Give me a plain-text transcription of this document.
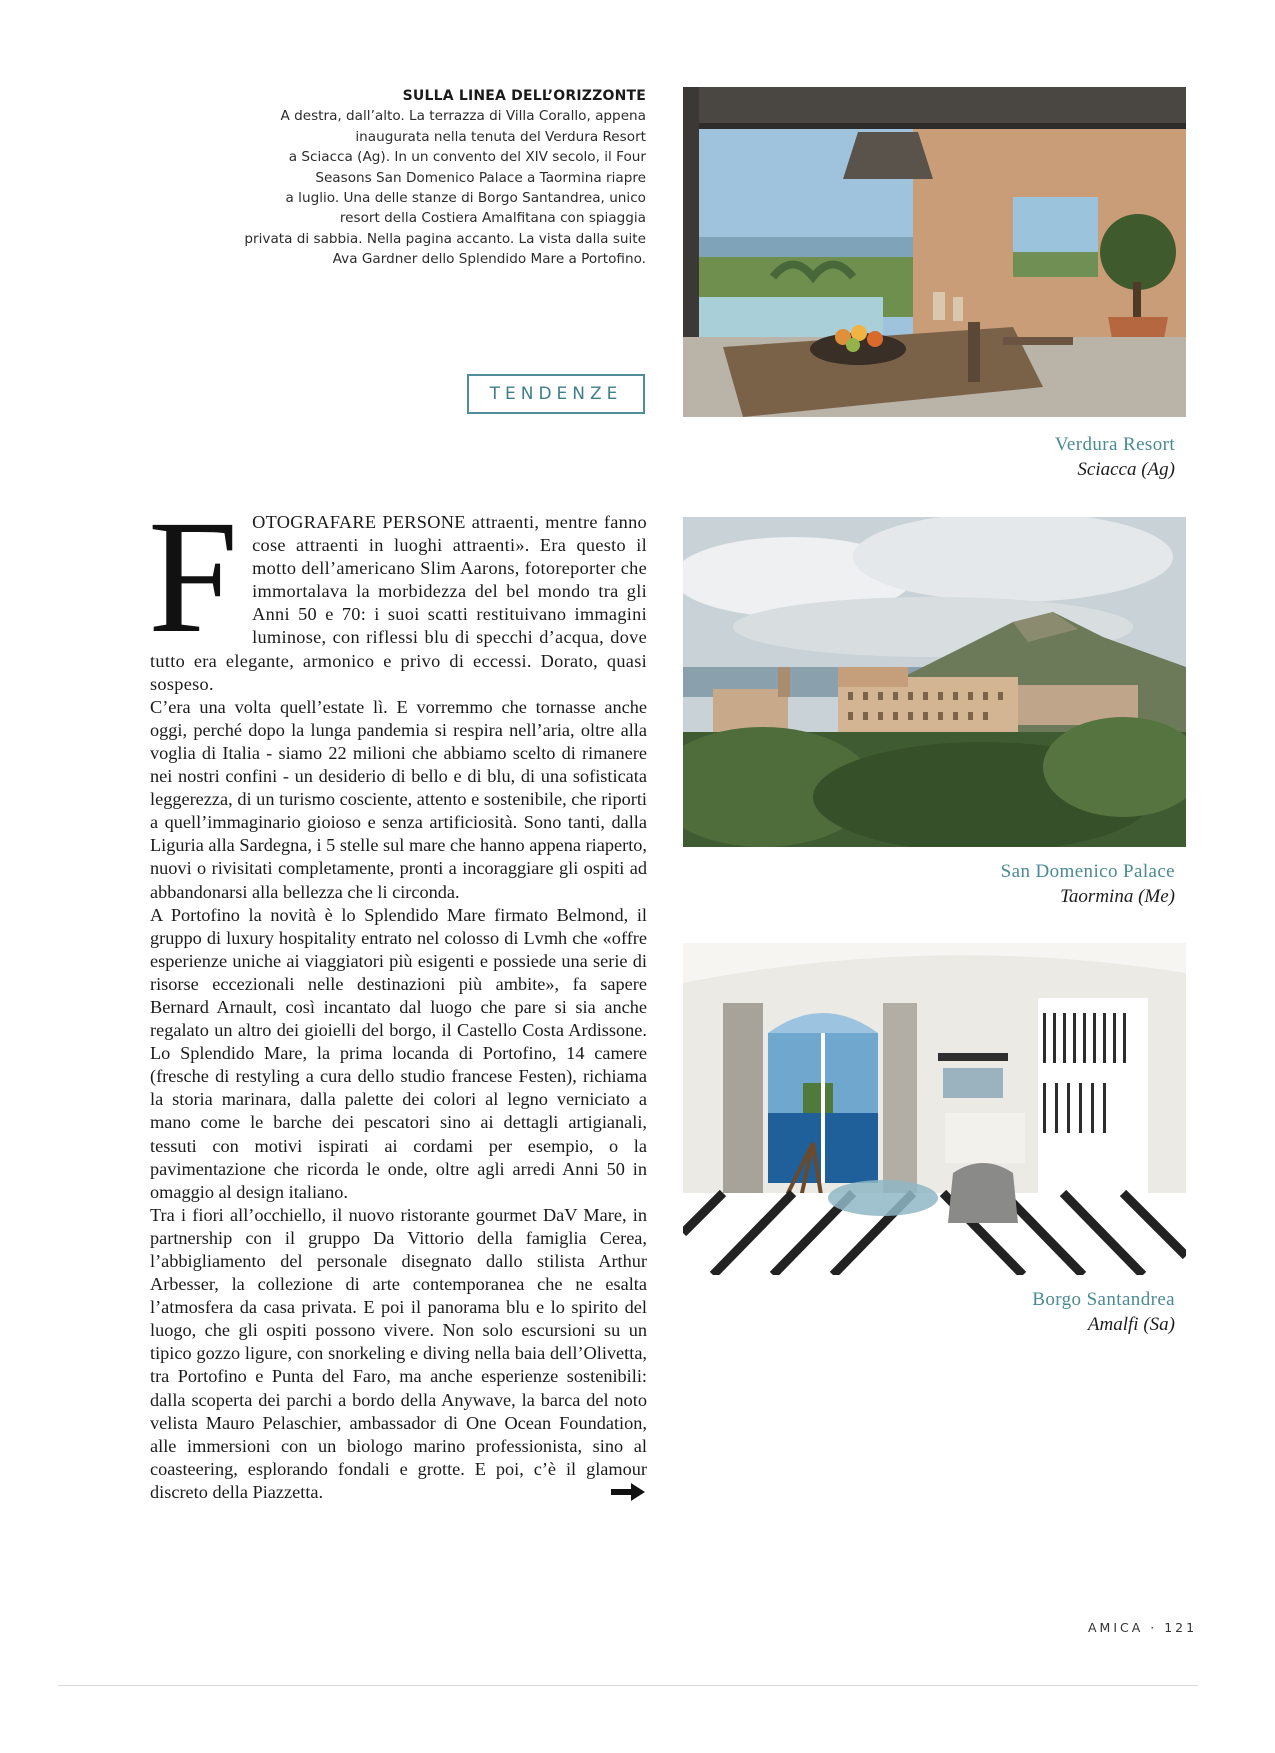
SULLA LINEA DELL’ORIZZONTE
A destra, dall’alto. La terrazza di Villa Corallo, appena
inaugurata nella tenuta del Verdura Resort
a Sciacca (Ag). In un convento del XIV secolo, il Four
Seasons San Domenico Palace a Taormina riapre
a luglio. Una delle stanze di Borgo Santandrea, unico
resort della Costiera Amalfitana con spiaggia
privata di sabbia. Nella pagina accanto. La vista dalla suite
Ava Gardner dello Splendido Mare a Portofino.
TENDENZE
Verdura Resort
Sciacca (Ag)
San Domenico Palace
Taormina (Me)
Borgo Santandrea
Amalfi (Sa)

FOTOGRAFARE PERSONE attraenti, mentre fanno cose attraenti in luoghi attraenti». Era questo il motto dell’americano Slim Aarons, fotoreporter che immortalava la morbidezza del bel mondo tra gli Anni 50 e 70: i suoi scatti restituivano immagini luminose, con riflessi blu di specchi d’acqua, dove tutto era elegante, armonico e privo di eccessi. Dorato, quasi sospeso.

C’era una volta quell’estate lì. E vorremmo che tornasse anche oggi, perché dopo la lunga pandemia si respira nell’aria, oltre alla voglia di Italia - siamo 22 milioni che abbiamo scelto di rimanere nei nostri confini - un desiderio di bello e di blu, di una sofisticata leggerezza, di un turismo cosciente, attento e sostenibile, che riporti a quell’immaginario gioioso e senza artificiosità. Sono tanti, dalla Liguria alla Sardegna, i 5 stelle sul mare che hanno appena riaperto, nuovi o rivisitati completamente, pronti a incoraggiare gli ospiti ad abbandonarsi alla bellezza che li circonda.

A Portofino la novità è lo Splendido Mare firmato Belmond, il gruppo di luxury hospitality entrato nel colosso di Lvmh che «offre esperienze uniche ai viaggiatori più esigenti e possiede una serie di risorse eccezionali nelle destinazioni più ambite», fa sapere Bernard Arnault, così incantato dal luogo che pare si sia anche regalato un altro dei gioielli del borgo, il Castello Costa Ardissone. Lo Splendido Mare, la prima locanda di Portofino, 14 camere (fresche di restyling a cura dello studio francese Festen), richiama la storia marinara, dalla palette dei colori al legno verniciato a mano come le barche dei pescatori sino ai dettagli artigianali, tessuti con motivi ispirati ai cordami per esempio, o la pavimentazione che ricorda le onde, oltre agli arredi Anni 50 in omaggio al design italiano.

Tra i fiori all’occhiello, il nuovo ristorante gourmet DaV Mare, in partnership con il gruppo Da Vittorio della famiglia Cerea, l’abbigliamento del personale disegnato dallo stilista Arthur Arbesser, la collezione di arte contemporanea che ne esalta l’atmosfera da casa privata. E poi il panorama blu e lo spirito del luogo, che gli ospiti possono vivere. Non solo escursioni su un tipico gozzo ligure, con snorkeling e diving nella baia dell’Olivetta, tra Portofino e Punta del Faro, ma anche esperienze sostenibili: dalla scoperta dei parchi a bordo della Anywave, la barca del noto velista Mauro Pelaschier, ambassador di One Ocean Foundation, alle immersioni con un biologo marino professionista, sino al coasteering, esplorando fondali e grotte. E poi, c’è il glamour discreto della Piazzetta.

AMICA · 121
